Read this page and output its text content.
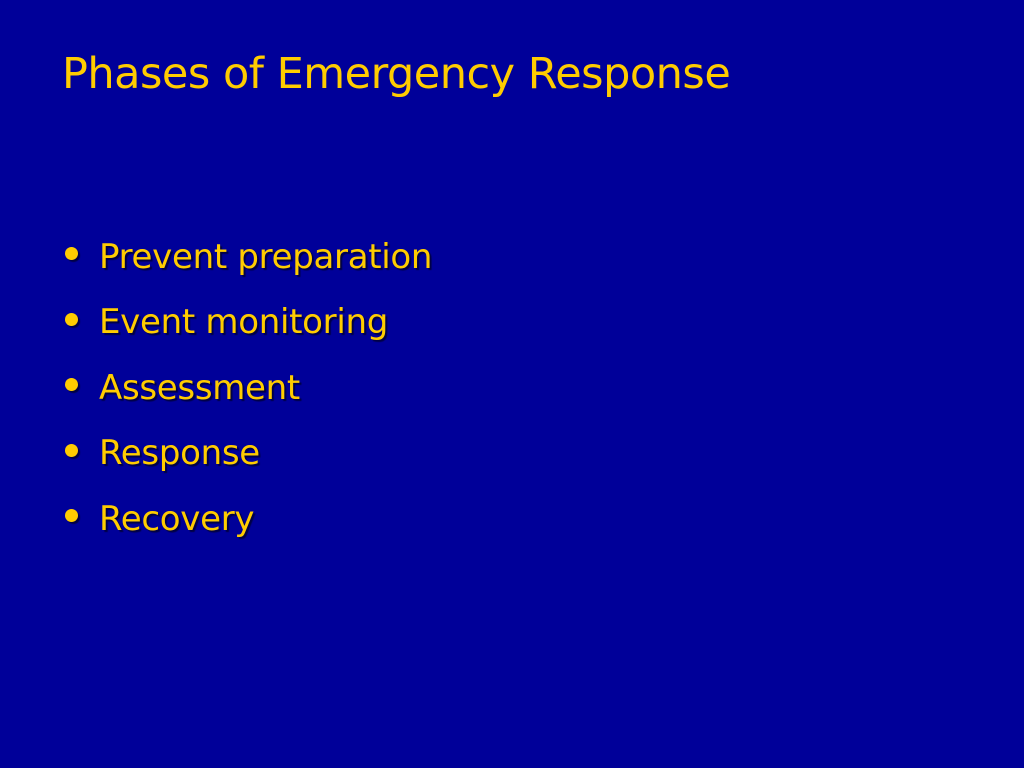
Phases of Emergency Response
Prevent preparation
Event monitoring
Assessment
Response
Recovery
